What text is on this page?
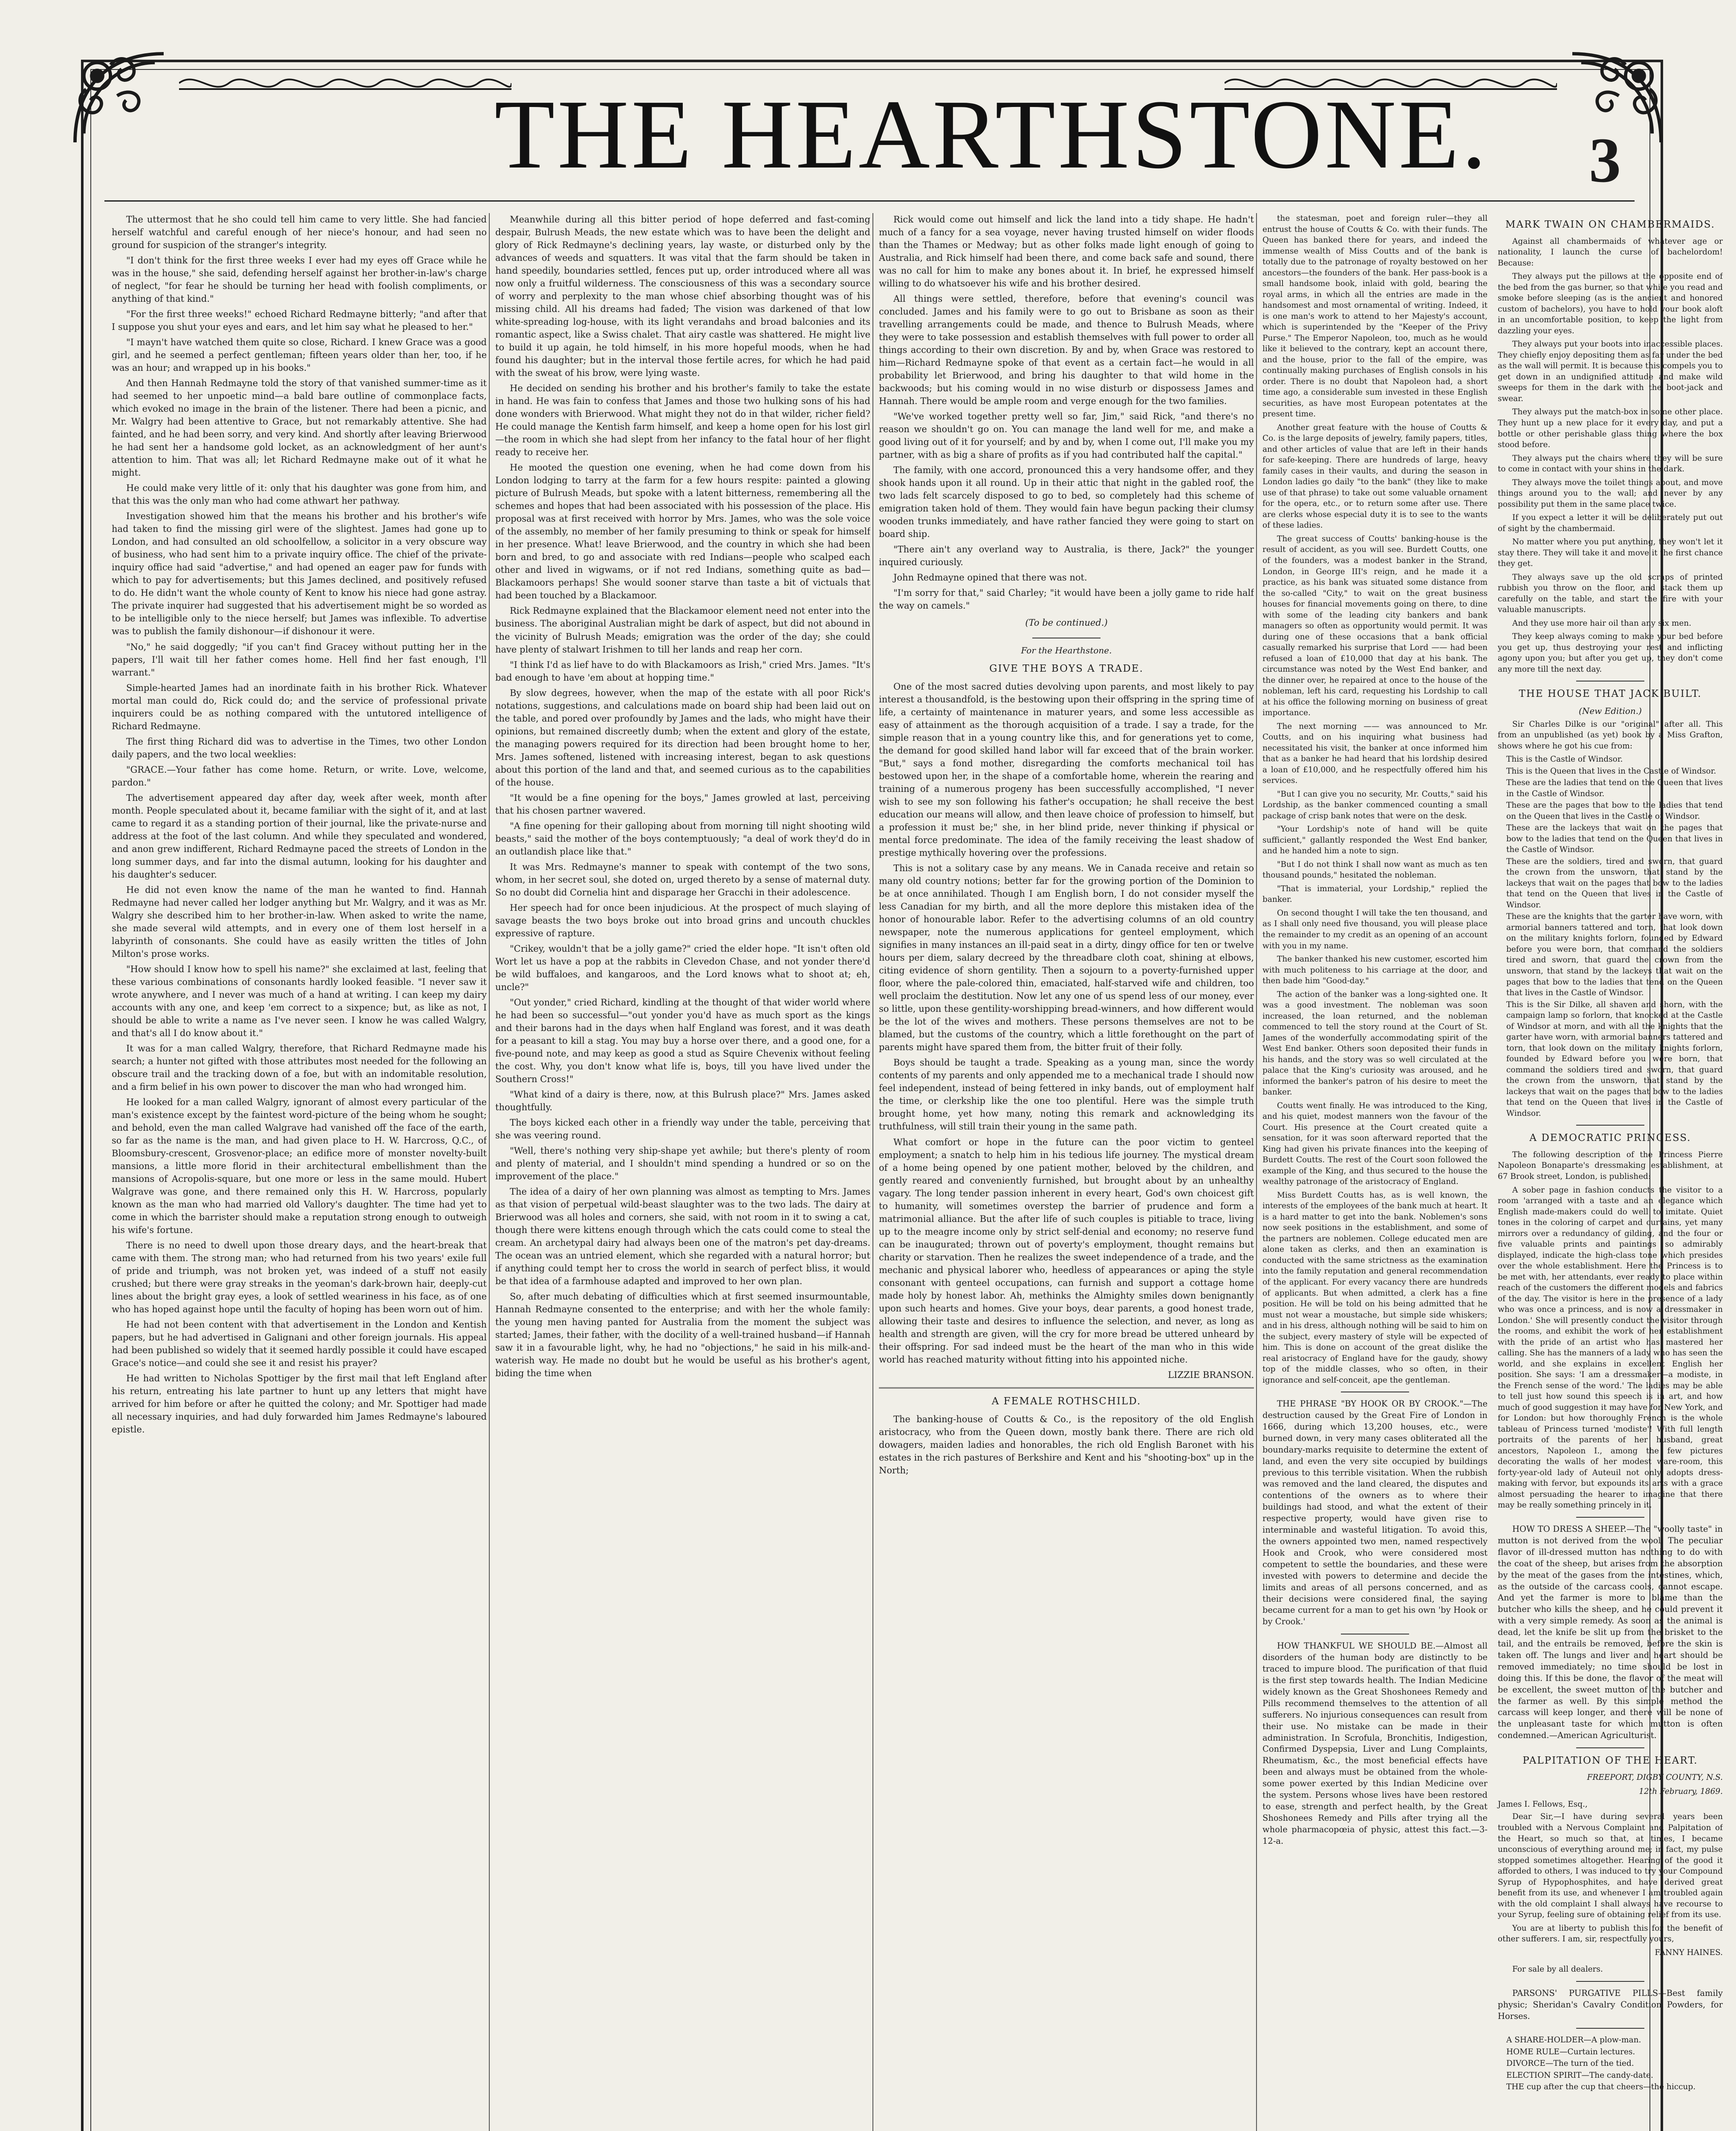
THE HEARTHSTONE. 3

The uttermost that he sho could tell him came to very little. She had fancied herself watchful and careful enough of her niece's honour, and had seen no ground for suspicion of the stranger's integrity.

"I don't think for the first three weeks I ever had my eyes off Grace while he was in the house," she said, defending herself against her brother-in-law's charge of neglect, "for fear he should be turning her head with foolish compliments, or anything of that kind."

"For the first three weeks!" echoed Richard Redmayne bitterly; "and after that I suppose you shut your eyes and ears, and let him say what he pleased to her."

"I mayn't have watched them quite so close, Richard. I knew Grace was a good girl, and he seemed a perfect gentleman; fifteen years older than her, too, if he was an hour; and wrapped up in his books."

And then Hannah Redmayne told the story of that vanished summer-time as it had seemed to her unpoetic mind—a bald bare outline of commonplace facts, which evoked no image in the brain of the listener. There had been a picnic, and Mr. Walgry had been attentive to Grace, but not remarkably attentive. She had fainted, and he had been sorry, and very kind. And shortly after leaving Brierwood he had sent her a handsome gold locket, as an acknowledgment of her aunt's attention to him. That was all; let Richard Redmayne make out of it what he might.

He could make very little of it: only that his daughter was gone from him, and that this was the only man who had come athwart her pathway.

Investigation showed him that the means his brother and his brother's wife had taken to find the missing girl were of the slightest. James had gone up to London, and had consulted an old schoolfellow, a solicitor in a very obscure way of business, who had sent him to a private inquiry office. The chief of the private-inquiry office had said "advertise," and had opened an eager paw for funds with which to pay for advertisements; but this James declined, and positively refused to do. He didn't want the whole county of Kent to know his niece had gone astray. The private inquirer had suggested that his advertisement might be so worded as to be intelligible only to the niece herself; but James was inflexible. To advertise was to publish the family dishonour—if dishonour it were.

"No," he said doggedly; "if you can't find Gracey without putting her in the papers, I'll wait till her father comes home. Hell find her fast enough, I'll warrant."

Simple-hearted James had an inordinate faith in his brother Rick. Whatever mortal man could do, Rick could do; and the service of professional private inquirers could be as nothing compared with the untutored intelligence of Richard Redmayne.

The first thing Richard did was to advertise in the Times, two other London daily papers, and the two local weeklies:

"GRACE.—Your father has come home. Return, or write. Love, welcome, pardon."

The advertisement appeared day after day, week after week, month after month. People speculated about it, became familiar with the sight of it, and at last came to regard it as a standing portion of their journal, like the private-nurse and address at the foot of the last column. And while they speculated and wondered, and anon grew indifferent, Richard Redmayne paced the streets of London in the long summer days, and far into the dismal autumn, looking for his daughter and his daughter's seducer.

He did not even know the name of the man he wanted to find. Hannah Redmayne had never called her lodger anything but Mr. Walgry, and it was as Mr. Walgry she described him to her brother-in-law. When asked to write the name, she made several wild attempts, and in every one of them lost herself in a labyrinth of consonants. She could have as easily written the titles of John Milton's prose works.

"How should I know how to spell his name?" she exclaimed at last, feeling that these various combinations of consonants hardly looked feasible. "I never saw it wrote anywhere, and I never was much of a hand at writing. I can keep my dairy accounts with any one, and keep 'em correct to a sixpence; but, as like as not, I should be able to write a name as I've never seen. I know he was called Walgry, and that's all I do know about it."

It was for a man called Walgry, therefore, that Richard Redmayne made his search; a hunter not gifted with those attributes most needed for the following an obscure trail and the tracking down of a foe, but with an indomitable resolution, and a firm belief in his own power to discover the man who had wronged him.

He looked for a man called Walgry, ignorant of almost every particular of the man's existence except by the faintest word-picture of the being whom he sought; and behold, even the man called Walgrave had vanished off the face of the earth, so far as the name is the man, and had given place to H. W. Harcross, Q.C., of Bloomsbury-crescent, Grosvenor-place; an edifice more of monster novelty-built mansions, a little more florid in their architectural embellishment than the mansions of Acropolis-square, but one more or less in the same mould. Hubert Walgrave was gone, and there remained only this H. W. Harcross, popularly known as the man who had married old Vallory's daughter. The time had yet to come in which the barrister should make a reputation strong enough to outweigh his wife's fortune.

There is no need to dwell upon those dreary days, and the heart-break that came with them. The strong man; who had returned from his two years' exile full of pride and triumph, was not broken yet, was indeed of a stuff not easily crushed; but there were gray streaks in the yeoman's dark-brown hair, deeply-cut lines about the bright gray eyes, a look of settled weariness in his face, as of one who has hoped against hope until the faculty of hoping has been worn out of him.

He had not been content with that advertisement in the London and Kentish papers, but he had advertised in Galignani and other foreign journals. His appeal had been published so widely that it seemed hardly possible it could have escaped Grace's notice—and could she see it and resist his prayer?

He had written to Nicholas Spottiger by the first mail that left England after his return, entreating his late partner to hunt up any letters that might have arrived for him before or after he quitted the colony; and Mr. Spottiger had made all necessary inquiries, and had duly forwarded him James Redmayne's laboured epistle.

Meanwhile during all this bitter period of hope deferred and fast-coming despair, Bulrush Meads, the new estate which was to have been the delight and glory of Rick Redmayne's declining years, lay waste, or disturbed only by the advances of weeds and squatters. It was vital that the farm should be taken in hand speedily, boundaries settled, fences put up, order introduced where all was now only a fruitful wilderness. The consciousness of this was a secondary source of worry and perplexity to the man whose chief absorbing thought was of his missing child. All his dreams had faded; The vision was darkened of that low white-spreading log-house, with its light verandahs and broad balconies and its romantic aspect, like a Swiss chalet. That airy castle was shattered. He might live to build it up again, he told himself, in his more hopeful moods, when he had found his daughter; but in the interval those fertile acres, for which he had paid with the sweat of his brow, were lying waste.

He decided on sending his brother and his brother's family to take the estate in hand. He was fain to confess that James and those two hulking sons of his had done wonders with Brierwood. What might they not do in that wilder, richer field? He could manage the Kentish farm himself, and keep a home open for his lost girl—the room in which she had slept from her infancy to the fatal hour of her flight ready to receive her.

He mooted the question one evening, when he had come down from his London lodging to tarry at the farm for a few hours respite: painted a glowing picture of Bulrush Meads, but spoke with a latent bitterness, remembering all the schemes and hopes that had been associated with his possession of the place. His proposal was at first received with horror by Mrs. James, who was the sole voice of the assembly, no member of her family presuming to think or speak for himself in her presence. What! leave Brierwood, and the country in which she had been born and bred, to go and associate with red Indians—people who scalped each other and lived in wigwams, or if not red Indians, something quite as bad—Blackamoors perhaps! She would sooner starve than taste a bit of victuals that had been touched by a Blackamoor.

Rick Redmayne explained that the Blackamoor element need not enter into the business. The aboriginal Australian might be dark of aspect, but did not abound in the vicinity of Bulrush Meads; emigration was the order of the day; she could have plenty of stalwart Irishmen to till her lands and reap her corn.

"I think I'd as lief have to do with Blackamoors as Irish," cried Mrs. James. "It's bad enough to have 'em about at hopping time."

By slow degrees, however, when the map of the estate with all poor Rick's notations, suggestions, and calculations made on board ship had been laid out on the table, and pored over profoundly by James and the lads, who might have their opinions, but remained discreetly dumb; when the extent and glory of the estate, the managing powers required for its direction had been brought home to her, Mrs. James softened, listened with increasing interest, began to ask questions about this portion of the land and that, and seemed curious as to the capabilities of the house.

"It would be a fine opening for the boys," James growled at last, perceiving that his chosen partner wavered.

"A fine opening for their galloping about from morning till night shooting wild beasts," said the mother of the boys contemptuously; "a deal of work they'd do in an outlandish place like that."

It was Mrs. Redmayne's manner to speak with contempt of the two sons, whom, in her secret soul, she doted on, urged thereto by a sense of maternal duty. So no doubt did Cornelia hint and disparage her Gracchi in their adolescence.

Her speech had for once been injudicious. At the prospect of much slaying of savage beasts the two boys broke out into broad grins and uncouth chuckles expressive of rapture.

"Crikey, wouldn't that be a jolly game?" cried the elder hope. "It isn't often old Wort let us have a pop at the rabbits in Clevedon Chase, and not yonder there'd be wild buffaloes, and kangaroos, and the Lord knows what to shoot at; eh, uncle?"

"Out yonder," cried Richard, kindling at the thought of that wider world where he had been so successful—"out yonder you'd have as much sport as the kings and their barons had in the days when half England was forest, and it was death for a peasant to kill a stag. You may buy a horse over there, and a good one, for a five-pound note, and may keep as good a stud as Squire Chevenix without feeling the cost. Why, you don't know what life is, boys, till you have lived under the Southern Cross!"

"What kind of a dairy is there, now, at this Bulrush place?" Mrs. James asked thoughtfully.

The boys kicked each other in a friendly way under the table, perceiving that she was veering round.

"Well, there's nothing very ship-shape yet awhile; but there's plenty of room and plenty of material, and I shouldn't mind spending a hundred or so on the improvement of the place."

The idea of a dairy of her own planning was almost as tempting to Mrs. James as that vision of perpetual wild-beast slaughter was to the two lads. The dairy at Brierwood was all holes and corners, she said, with not room in it to swing a cat, though there were kittens enough through which the cats could come to steal the cream. An archetypal dairy had always been one of the matron's pet day-dreams. The ocean was an untried element, which she regarded with a natural horror; but if anything could tempt her to cross the world in search of perfect bliss, it would be that idea of a farmhouse adapted and improved to her own plan.

So, after much debating of difficulties which at first seemed insurmountable, Hannah Redmayne consented to the enterprise; and with her the whole family: the young men having panted for Australia from the moment the subject was started; James, their father, with the docility of a well-trained husband—if Hannah saw it in a favourable light, why, he had no "objections," he said in his milk-and-waterish way. He made no doubt but he would be useful as his brother's agent, biding the time when

Rick would come out himself and lick the land into a tidy shape. He hadn't much of a fancy for a sea voyage, never having trusted himself on wider floods than the Thames or Medway; but as other folks made light enough of going to Australia, and Rick himself had been there, and come back safe and sound, there was no call for him to make any bones about it. In brief, he expressed himself willing to do whatsoever his wife and his brother desired.

All things were settled, therefore, before that evening's council was concluded. James and his family were to go out to Brisbane as soon as their travelling arrangements could be made, and thence to Bulrush Meads, where they were to take possession and establish themselves with full power to order all things according to their own discretion. By and by, when Grace was restored to him—Richard Redmayne spoke of that event as a certain fact—he would in all probability let Brierwood, and bring his daughter to that wild home in the backwoods; but his coming would in no wise disturb or dispossess James and Hannah. There would be ample room and verge enough for the two families.

"We've worked together pretty well so far, Jim," said Rick, "and there's no reason we shouldn't go on. You can manage the land well for me, and make a good living out of it for yourself; and by and by, when I come out, I'll make you my partner, with as big a share of profits as if you had contributed half the capital."

The family, with one accord, pronounced this a very handsome offer, and they shook hands upon it all round. Up in their attic that night in the gabled roof, the two lads felt scarcely disposed to go to bed, so completely had this scheme of emigration taken hold of them. They would fain have begun packing their clumsy wooden trunks immediately, and have rather fancied they were going to start on board ship.

"There ain't any overland way to Australia, is there, Jack?" the younger inquired curiously.

John Redmayne opined that there was not.

"I'm sorry for that," said Charley; "it would have been a jolly game to ride half the way on camels."

(To be continued.)
For the Hearthstone.
GIVE THE BOYS A TRADE.

One of the most sacred duties devolving upon parents, and most likely to pay interest a thousandfold, is the bestowing upon their offspring in the spring time of life, a certainty of maintenance in maturer years, and some less accessible as easy of attainment as the thorough acquisition of a trade. I say a trade, for the simple reason that in a young country like this, and for generations yet to come, the demand for good skilled hand labor will far exceed that of the brain worker. "But," says a fond mother, disregarding the comforts mechanical toil has bestowed upon her, in the shape of a comfortable home, wherein the rearing and training of a numerous progeny has been successfully accomplished, "I never wish to see my son following his father's occupation; he shall receive the best education our means will allow, and then leave choice of profession to himself, but a profession it must be;" she, in her blind pride, never thinking if physical or mental force predominate. The idea of the family receiving the least shadow of prestige mythically hovering over the professions.

This is not a solitary case by any means. We in Canada receive and retain so many old country notions; better far for the growing portion of the Dominion to be at once annihilated. Though I am English born, I do not consider myself the less Canadian for my birth, and all the more deplore this mistaken idea of the honor of honourable labor. Refer to the advertising columns of an old country newspaper, note the numerous applications for genteel employment, which signifies in many instances an ill-paid seat in a dirty, dingy office for ten or twelve hours per diem, salary decreed by the threadbare cloth coat, shining at elbows, citing evidence of shorn gentility. Then a sojourn to a poverty-furnished upper floor, where the pale-colored thin, emaciated, half-starved wife and children, too well proclaim the destitution. Now let any one of us spend less of our money, ever so little, upon these gentility-worshipping bread-winners, and how different would be the lot of the wives and mothers. These persons themselves are not to be blamed, but the customs of the country, which a little forethought on the part of parents might have spared them from, the bitter fruit of their folly.

Boys should be taught a trade. Speaking as a young man, since the wordy contents of my parents and only appended me to a mechanical trade I should now feel independent, instead of being fettered in inky bands, out of employment half the time, or clerkship like the one too plentiful. Here was the simple truth brought home, yet how many, noting this remark and acknowledging its truthfulness, will still train their young in the same path.

What comfort or hope in the future can the poor victim to genteel employment; a snatch to help him in his tedious life journey. The mystical dream of a home being opened by one patient mother, beloved by the children, and gently reared and conveniently furnished, but brought about by an unhealthy vagary. The long tender passion inherent in every heart, God's own choicest gift to humanity, will sometimes overstep the barrier of prudence and form a matrimonial alliance. But the after life of such couples is pitiable to trace, living up to the meagre income only by strict self-denial and economy; no reserve fund can be inaugurated; thrown out of poverty's employment, thought remains but charity or starvation. Then he realizes the sweet independence of a trade, and the mechanic and physical laborer who, heedless of appearances or aping the style consonant with genteel occupations, can furnish and support a cottage home made holy by honest labor. Ah, methinks the Almighty smiles down benignantly upon such hearts and homes. Give your boys, dear parents, a good honest trade, allowing their taste and desires to influence the selection, and never, as long as health and strength are given, will the cry for more bread be uttered unheard by their offspring. For sad indeed must be the heart of the man who in this wide world has reached maturity without fitting into his appointed niche.

LIZZIE BRANSON.
A FEMALE ROTHSCHILD.

The banking-house of Coutts & Co., is the repository of the old English aristocracy, who from the Queen down, mostly bank there. There are rich old dowagers, maiden ladies and honorables, the rich old English Baronet with his estates in the rich pastures of Berkshire and Kent and his "shooting-box" up in the North;

the statesman, poet and foreign ruler—they all entrust the house of Coutts & Co. with their funds. The Queen has banked there for years, and indeed the immense wealth of Miss Coutts and of the bank is totally due to the patronage of royalty bestowed on her ancestors—the founders of the bank. Her pass-book is a small handsome book, inlaid with gold, bearing the royal arms, in which all the entries are made in the handsomest and most ornamental of writing. Indeed, it is one man's work to attend to her Majesty's account, which is superintended by the "Keeper of the Privy Purse." The Emperor Napoleon, too, much as he would like it believed to the contrary, kept an account there, and the house, prior to the fall of the empire, was continually making purchases of English consols in his order. There is no doubt that Napoleon had, a short time ago, a considerable sum invested in these English securities, as have most European potentates at the present time.

Another great feature with the house of Coutts & Co. is the large deposits of jewelry, family papers, titles, and other articles of value that are left in their hands for safe-keeping. There are hundreds of large, heavy family cases in their vaults, and during the season in London ladies go daily "to the bank" (they like to make use of that phrase) to take out some valuable ornament for the opera, etc., or to return some after use. There are clerks whose especial duty it is to see to the wants of these ladies.

The great success of Coutts' banking-house is the result of accident, as you will see. Burdett Coutts, one of the founders, was a modest banker in the Strand, London, in George III's reign, and he made it a practice, as his bank was situated some distance from the so-called "City," to wait on the great business houses for financial movements going on there, to dine with some of the leading city bankers and bank managers so often as opportunity would permit. It was during one of these occasions that a bank official casually remarked his surprise that Lord —— had been refused a loan of £10,000 that day at his bank. The circumstance was noted by the West End banker, and the dinner over, he repaired at once to the house of the nobleman, left his card, requesting his Lordship to call at his office the following morning on business of great importance.

The next morning —— was announced to Mr. Coutts, and on his inquiring what business had necessitated his visit, the banker at once informed him that as a banker he had heard that his lordship desired a loan of £10,000, and he respectfully offered him his services.

"But I can give you no security, Mr. Coutts," said his Lordship, as the banker commenced counting a small package of crisp bank notes that were on the desk.

"Your Lordship's note of hand will be quite sufficient," gallantly responded the West End banker, and he handed him a note to sign.

"But I do not think I shall now want as much as ten thousand pounds," hesitated the nobleman.

"That is immaterial, your Lordship," replied the banker.

On second thought I will take the ten thousand, and as I shall only need five thousand, you will please place the remainder to my credit as an opening of an account with you in my name.

The banker thanked his new customer, escorted him with much politeness to his carriage at the door, and then bade him "Good-day."

The action of the banker was a long-sighted one. It was a good investment. The nobleman was soon increased, the loan returned, and the nobleman commenced to tell the story round at the Court of St. James of the wonderfully accommodating spirit of the West End banker. Others soon deposited their funds in his hands, and the story was so well circulated at the palace that the King's curiosity was aroused, and he informed the banker's patron of his desire to meet the banker.

Coutts went finally. He was introduced to the King, and his quiet, modest manners won the favour of the Court. His presence at the Court created quite a sensation, for it was soon afterward reported that the King had given his private finances into the keeping of Burdett Coutts. The rest of the Court soon followed the example of the King, and thus secured to the house the wealthy patronage of the aristocracy of England.

Miss Burdett Coutts has, as is well known, the interests of the employees of the bank much at heart. It is a hard matter to get into the bank. Noblemen's sons now seek positions in the establishment, and some of the partners are noblemen. College educated men are alone taken as clerks, and then an examination is conducted with the same strictness as the examination into the family reputation and general recommendation of the applicant. For every vacancy there are hundreds of applicants. But when admitted, a clerk has a fine position. He will be told on his being admitted that he must not wear a moustache, but simple side whiskers; and in his dress, although nothing will be said to him on the subject, every mastery of style will be expected of him. This is done on account of the great dislike the real aristocracy of England have for the gaudy, showy top of the middle classes, who so often, in their ignorance and self-conceit, ape the gentleman.

THE PHRASE "BY HOOK OR BY CROOK."—The destruction caused by the Great Fire of London in 1666, during which 13,200 houses, etc., were burned down, in very many cases obliterated all the boundary-marks requisite to determine the extent of land, and even the very site occupied by buildings previous to this terrible visitation. When the rubbish was removed and the land cleared, the disputes and contentions of the owners as to where their buildings had stood, and what the extent of their respective property, would have given rise to interminable and wasteful litigation. To avoid this, the owners appointed two men, named respectively Hook and Crook, who were considered most competent to settle the boundaries, and these were invested with powers to determine and decide the limits and areas of all persons concerned, and as their decisions were considered final, the saying became current for a man to get his own 'by Hook or by Crook.'

HOW THANKFUL WE SHOULD BE.—Almost all disorders of the human body are distinctly to be traced to impure blood. The purification of that fluid is the first step towards health. The Indian Medicine widely known as the Great Shoshonees Remedy and Pills recommend themselves to the attention of all sufferers. No injurious consequences can result from their use. No mistake can be made in their administration. In Scrofula, Bronchitis, Indigestion, Confirmed Dyspepsia, Liver and Lung Complaints, Rheumatism, &c., the most beneficial effects have been and always must be obtained from the whole-some power exerted by this Indian Medicine over the system. Persons whose lives have been restored to ease, strength and perfect health, by the Great Shoshonees Remedy and Pills after trying all the whole pharmacopœia of physic, attest this fact.—3-12-a.

MARK TWAIN ON CHAMBERMAIDS.

Against all chambermaids of whatever age or nationality, I launch the curse of bachelordom! Because:

They always put the pillows at the opposite end of the bed from the gas burner, so that while you read and smoke before sleeping (as is the ancient and honored custom of bachelors), you have to hold your book aloft in an uncomfortable position, to keep the light from dazzling your eyes.

They always put your boots into inaccessible places. They chiefly enjoy depositing them as far under the bed as the wall will permit. It is because this compels you to get down in an undignified attitude and make wild sweeps for them in the dark with the boot-jack and swear.

They always put the match-box in some other place. They hunt up a new place for it every day, and put a bottle or other perishable glass thing where the box stood before.

They always put the chairs where they will be sure to come in contact with your shins in the dark.

They always move the toilet things about, and move things around you to the wall; and never by any possibility put them in the same place twice.

If you expect a letter it will be deliberately put out of sight by the chambermaid.

No matter where you put anything, they won't let it stay there. They will take it and move it the first chance they get.

They always save up the old scraps of printed rubbish you throw on the floor, and stack them up carefully on the table, and start the fire with your valuable manuscripts.

And they use more hair oil than any six men.

They keep always coming to make your bed before you get up, thus destroying your rest and inflicting agony upon you; but after you get up, they don't come any more till the next day.

THE HOUSE THAT JACK BUILT.
(New Edition.)

Sir Charles Dilke is our "original" after all. This from an unpublished (as yet) book by a Miss Grafton, shows where he got his cue from:

This is the Castle of Windsor.

This is the Queen that lives in the Castle of Windsor.

These are the ladies that tend on the Queen that lives in the Castle of Windsor.

These are the pages that bow to the ladies that tend on the Queen that lives in the Castle of Windsor.

These are the lackeys that wait on the pages that bow to the ladies that tend on the Queen that lives in the Castle of Windsor.

These are the soldiers, tired and sworn, that guard the crown from the unsworn, that stand by the lackeys that wait on the pages that bow to the ladies that tend on the Queen that lives in the Castle of Windsor.

These are the knights that the garter have worn, with armorial banners tattered and torn, that look down on the military knights forlorn, founded by Edward before you were born, that command the soldiers tired and sworn, that guard the crown from the unsworn, that stand by the lackeys that wait on the pages that bow to the ladies that tend on the Queen that lives in the Castle of Windsor.

This is the Sir Dilke, all shaven and shorn, with the campaign lamp so forlorn, that knocked at the Castle of Windsor at morn, and with all the knights that the garter have worn, with armorial banners tattered and torn, that look down on the military knights forlorn, founded by Edward before you were born, that command the soldiers tired and sworn, that guard the crown from the unsworn, that stand by the lackeys that wait on the pages that bow to the ladies that tend on the Queen that lives in the Castle of Windsor.

A DEMOCRATIC PRINCESS.

The following description of the Princess Pierre Napoleon Bonaparte's dressmaking establishment, at 67 Brook street, London, is published:

A sober page in fashion conducts the visitor to a room 'arranged with a taste and an elegance which English made-makers could do well to imitate. Quiet tones in the coloring of carpet and curtains, yet many mirrors over a redundancy of gilding, and the four or five valuable prints and paintings so admirably displayed, indicate the high-class tone which presides over the whole establishment. Here the Princess is to be met with, her attendants, ever ready to place within reach of the customers the different models and fabrics of the day. The visitor is here in the presence of a lady who was once a princess, and is now a dressmaker in London.' She will presently conduct the visitor through the rooms, and exhibit the work of her establishment with the pride of an artist who has mastered her calling. She has the manners of a lady who has seen the world, and she explains in excellent English her position. She says: 'I am a dressmaker—a modiste, in the French sense of the word.' The ladies may be able to tell just how sound this speech is in art, and how much of good suggestion it may have for New York, and for London: but how thoroughly French is the whole tableau of Princess turned 'modiste'! With full length portraits of the parents of her husband, great ancestors, Napoleon I., among the few pictures decorating the walls of her modest ware-room, this forty-year-old lady of Auteuil not only adopts dress-making with fervor, but expounds its arts with a grace almost persuading the hearer to imagine that there may be really something princely in it.

HOW TO DRESS A SHEEP.—The "woolly taste" in mutton is not derived from the wool. The peculiar flavor of ill-dressed mutton has nothing to do with the coat of the sheep, but arises from the absorption by the meat of the gases from the intestines, which, as the outside of the carcass cools, cannot escape. And yet the farmer is more to blame than the butcher who kills the sheep, and he could prevent it with a very simple remedy. As soon as the animal is dead, let the knife be slit up from the brisket to the tail, and the entrails be removed, before the skin is taken off. The lungs and liver and heart should be removed immediately; no time should be lost in doing this. If this be done, the flavor of the meat will be excellent, the sweet mutton of the butcher and the farmer as well. By this simple method the carcass will keep longer, and there will be none of the unpleasant taste for which mutton is often condemned.—American Agriculturist.

PALPITATION OF THE HEART.
FREEPORT, DIGBY COUNTY, N.S.
12th February, 1869.
James I. Fellows, Esq.,

Dear Sir,—I have during several years been troubled with a Nervous Complaint and Palpitation of the Heart, so much so that, at times, I became unconscious of everything around me; in fact, my pulse stopped sometimes altogether. Hearing of the good it afforded to others, I was induced to try your Compound Syrup of Hypophosphites, and have derived great benefit from its use, and whenever I am troubled again with the old complaint I shall always have recourse to your Syrup, feeling sure of obtaining relief from its use.

You are at liberty to publish this for the benefit of other sufferers. I am, sir, respectfully yours,

FANNY HAINES.

For sale by all dealers.

PARSONS' PURGATIVE PILLS—Best family physic; Sheridan's Cavalry Condition Powders, for Horses.

A SHARE-HOLDER—A plow-man.

HOME RULE—Curtain lectures.

DIVORCE—The turn of the tied.

ELECTION SPIRIT—The candy-date.

THE cup after the cup that cheers—the hiccup.
